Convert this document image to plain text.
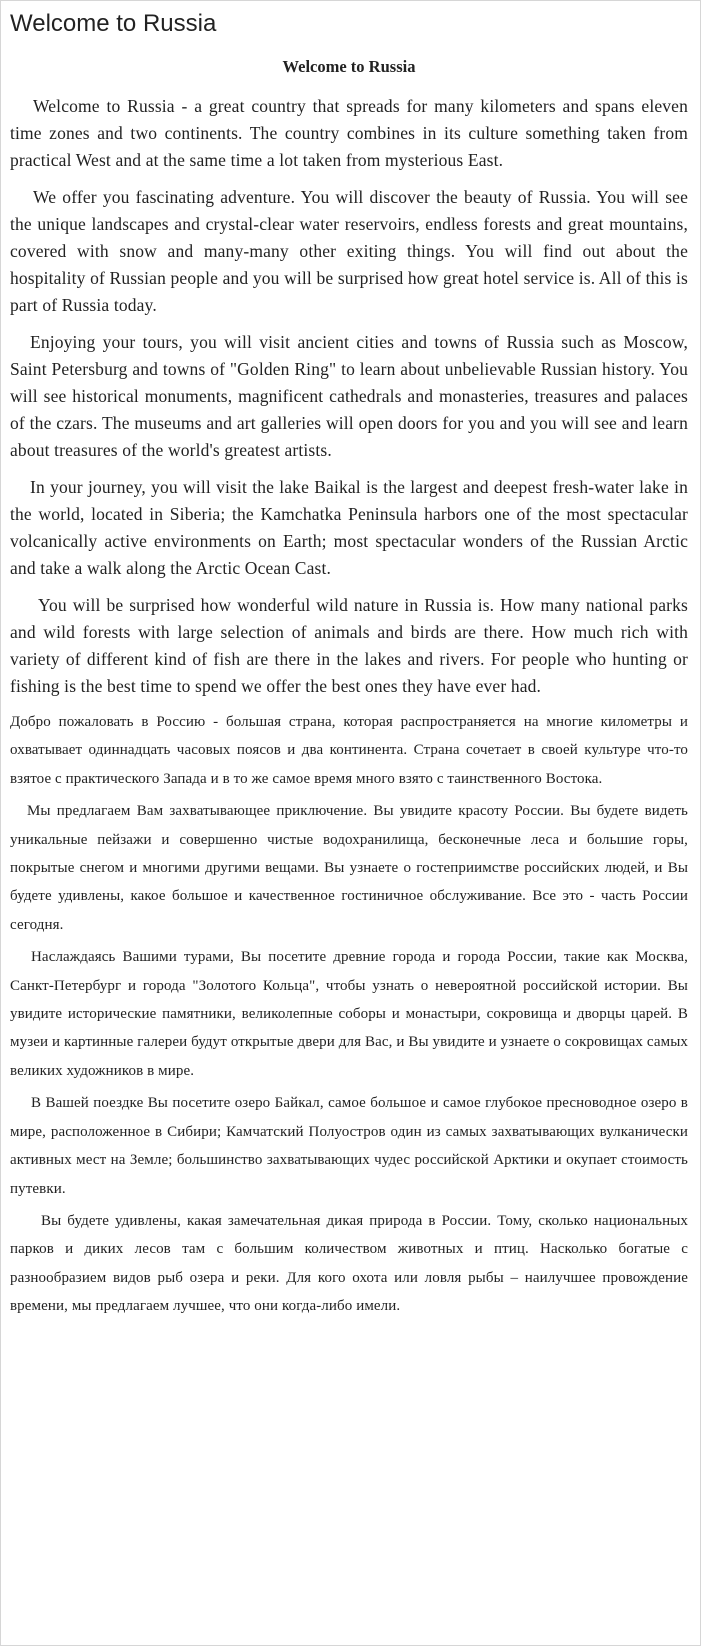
Welcome to Russia
Welcome to Russia

Welcome to Russia - a great country that spreads for many kilometers and spans eleven time zones and two continents. The country combines in its culture something taken from practical West and at the same time a lot taken from mysterious East.

We offer you fascinating adventure. You will discover the beauty of Russia. You will see the unique landscapes and crystal-clear water reservoirs, endless forests and great mountains, covered with snow and many-many other exiting things. You will find out about the hospitality of Russian people and you will be surprised how great hotel service is. All of this is part of Russia today.

Enjoying your tours, you will visit ancient cities and towns of Russia such as Moscow, Saint Petersburg and towns of "Golden Ring" to learn about unbelievable Russian history. You will see historical monuments, magnificent cathedrals and monasteries, treasures and palaces of the czars. The museums and art galleries will open doors for you and you will see and learn about treasures of the world's greatest artists.

In your journey, you will visit the lake Baikal is the largest and deepest fresh-water lake in the world, located in Siberia; the Kamchatka Peninsula harbors one of the most spectacular volcanically active environments on Earth; most spectacular wonders of the Russian Arctic and take a walk along the Arctic Ocean Cast.

You will be surprised how wonderful wild nature in Russia is. How many national parks and wild forests with large selection of animals and birds are there. How much rich with variety of different kind of fish are there in the lakes and rivers. For people who hunting or fishing is the best time to spend we offer the best ones they have ever had.

Добро пожаловать в Россию - большая страна, которая распространяется на многие километры и охватывает одиннадцать часовых поясов и два континента. Страна сочетает в своей культуре что-то взятое с практического Запада и в то же самое время много взято с таинственного Востока.

Мы предлагаем Вам захватывающее приключение. Вы увидите красоту России. Вы будете видеть уникальные пейзажи и совершенно чистые водохранилища, бесконечные леса и большие горы, покрытые снегом и многими другими вещами. Вы узнаете о гостеприимстве российских людей, и Вы будете удивлены, какое большое и качественное гостиничное обслуживание. Все это - часть России сегодня.

Наслаждаясь Вашими турами, Вы посетите древние города и города России, такие как Москва, Санкт-Петербург и города "Золотого Кольца", чтобы узнать о невероятной российской истории. Вы увидите исторические памятники, великолепные соборы и монастыри, сокровища и дворцы царей. В музеи и картинные галереи будут открытые двери для Вас, и Вы увидите и узнаете о сокровищах самых великих художников в мире.

В Вашей поездке Вы посетите озеро Байкал, самое большое и самое глубокое пресноводное озеро в мире, расположенное в Сибири; Камчатский Полуостров один из самых захватывающих вулканически активных мест на Земле; большинство захватывающих чудес российской Арктики и окупает стоимость путевки.

Вы будете удивлены, какая замечательная дикая природа в России. Тому, сколько национальных парков и диких лесов там с большим количеством животных и птиц. Насколько богатые с разнообразием видов рыб озера и реки. Для кого охота или ловля рыбы – наилучшее провождение времени, мы предлагаем лучшее, что они когда-либо имели.
